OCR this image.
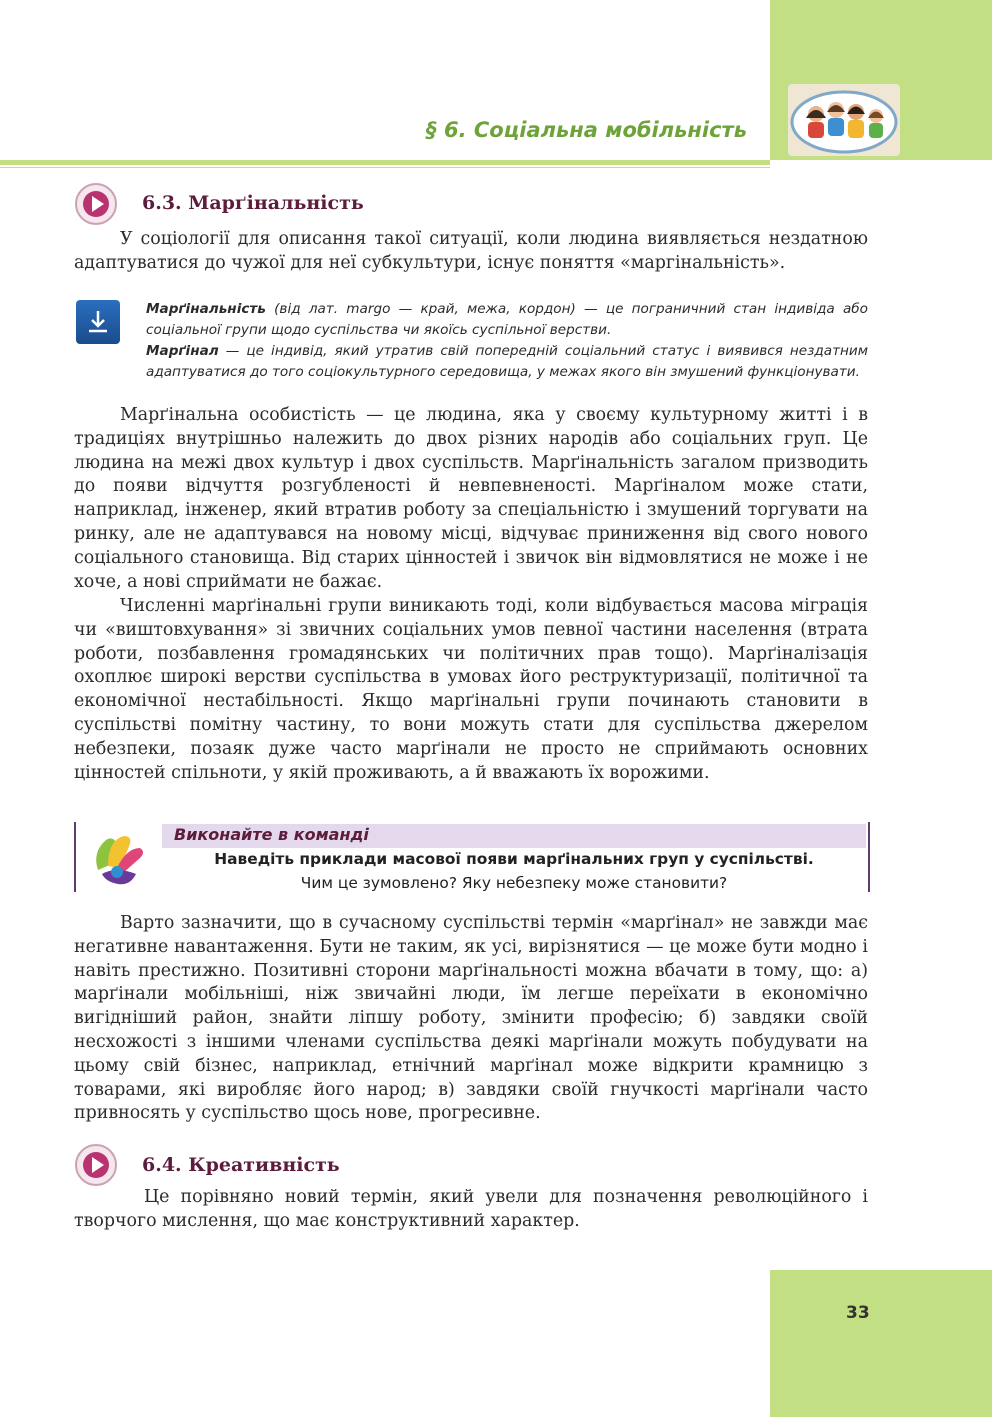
§ 6. Соціальна мобільність
6.3. Марґінальність

У соціології для описання такої ситуації, коли людина виявляється нездатною адаптуватися до чужої для неї субкультури, існує поняття «маргінальність».

Марґінальність (від лат. margo — край, межа, кордон) — це пограничний стан індивіда або соціальної групи щодо суспільства чи якоїсь суспільної верстви.

Марґінал — це індивід, який утратив свій попередній соціальний статус і виявився нездатним адаптуватися до того соціокультурного середовища, у межах якого він змушений функціонувати.

Марґінальна особистість — це людина, яка у своєму культурному житті і в традиціях внутрішньо належить до двох різних народів або соціальних груп. Це людина на межі двох культур і двох суспільств. Марґінальність загалом призводить до появи відчуття розгубленості й невпевненості. Марґіналом може стати, наприклад, інженер, який втратив роботу за спеціальністю і змушений торгувати на ринку, але не адаптувався на новому місці, відчуває приниження від свого нового соціального становища. Від старих цінностей і звичок він відмовлятися не може і не хоче, а нові сприймати не бажає.

Численні марґінальні групи виникають тоді, коли відбувається масова міграція чи «виштовхування» зі звичних соціальних умов певної частини населення (втрата роботи, позбавлення громадянських чи політичних прав тощо). Марґіналізація охоплює широкі верстви суспільства в умовах його реструктуризації, політичної та економічної нестабільності. Якщо марґінальні групи починають становити в суспільстві помітну частину, то вони можуть стати для суспільства джерелом небезпеки, позаяк дуже часто марґінали не просто не сприймають основних цінностей спільноти, у якій проживають, а й вважають їх ворожими.

Виконайте в команді
Наведіть приклади масової появи марґінальних груп у суспільстві.
Чим це зумовлено? Яку небезпеку може становити?

Варто зазначити, що в сучасному суспільстві термін «марґінал» не завжди має негативне навантаження. Бути не таким, як усі, вирізнятися — це може бути модно і навіть престижно. Позитивні сторони марґінальності можна вбачати в тому, що: а) марґінали мобільніші, ніж звичайні люди, їм легше переїхати в економічно вигідніший район, знайти ліпшу роботу, змінити професію; б) завдяки своїй несхожості з іншими членами суспільства деякі марґінали можуть побудувати на цьому свій бізнес, наприклад, етнічний марґінал може відкрити крамницю з товарами, які виробляє його народ; в) завдяки своїй гнучкості марґінали часто привносять у суспільство щось нове, прогресивне.

6.4. Креативність

Це порівняно новий термін, який увели для позначення революційного і творчого мислення, що має конструктивний характер.

33
